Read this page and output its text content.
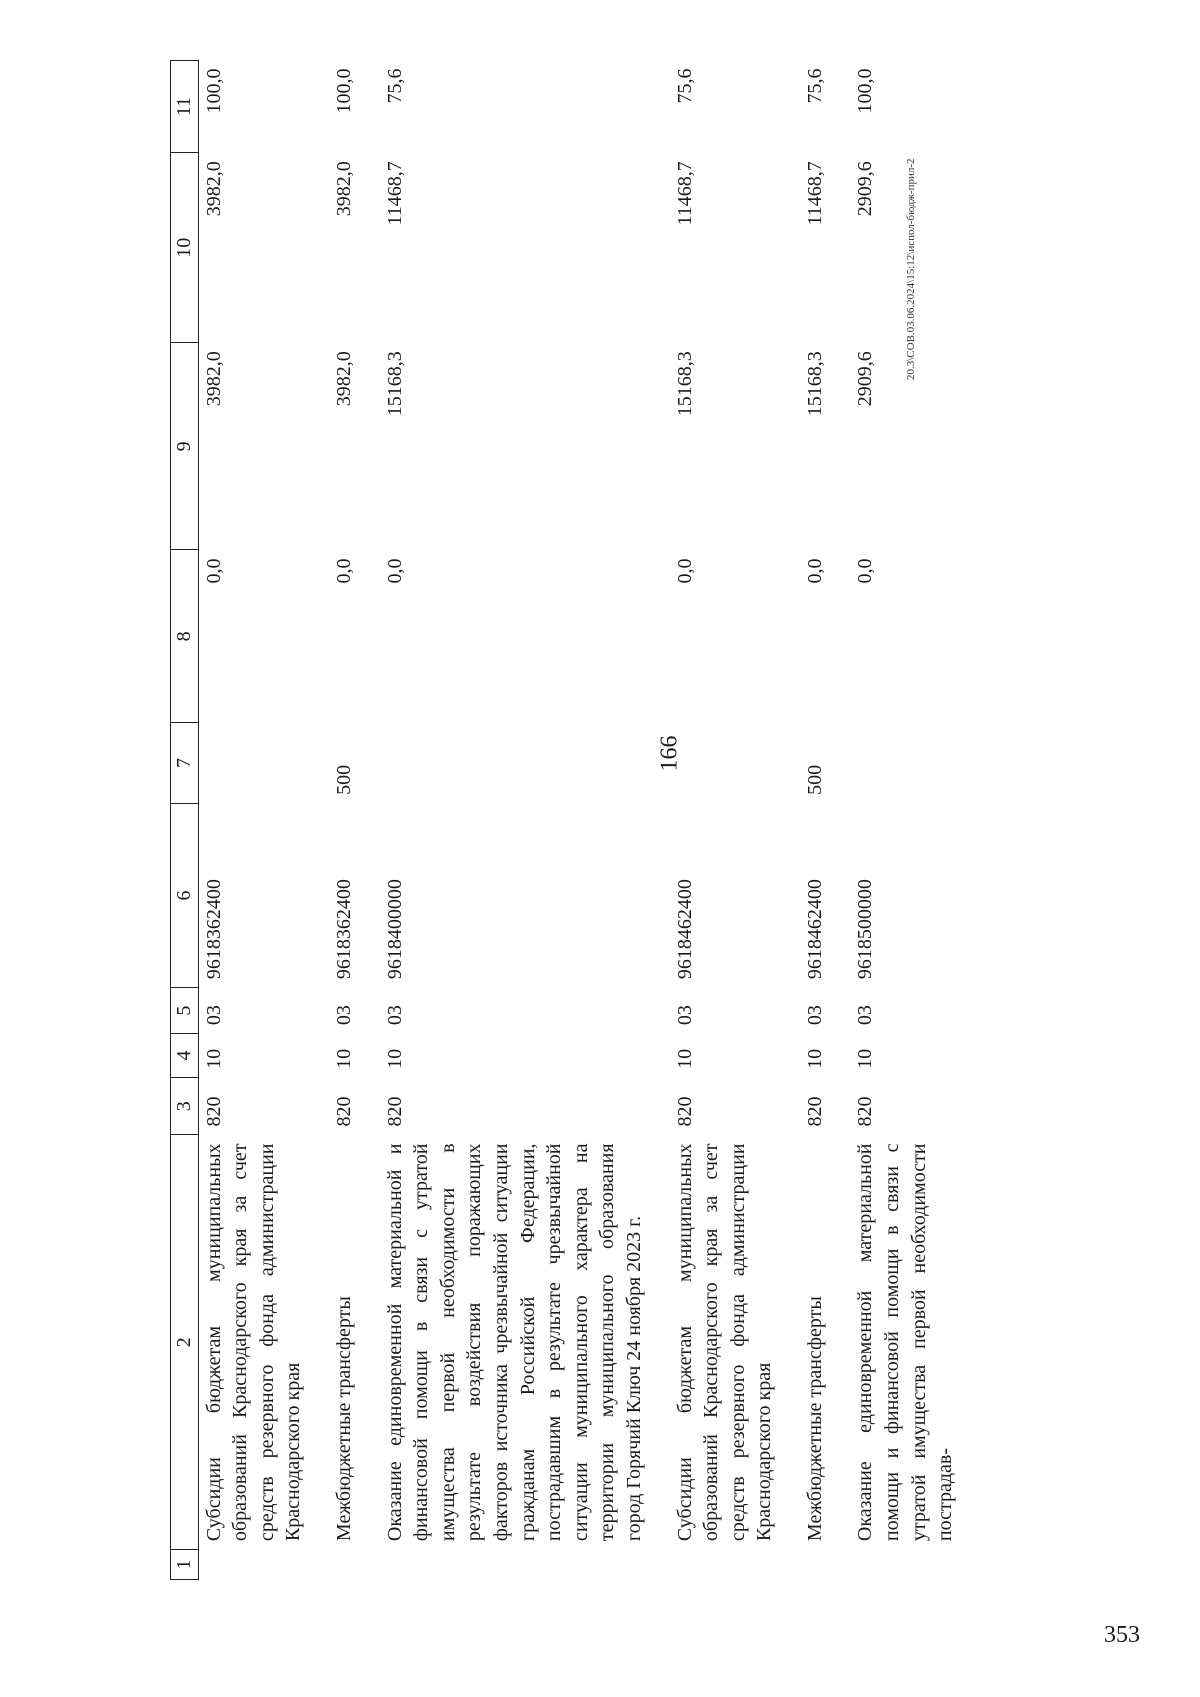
166
20.3\СОВ.03.06.2024\15:12\испол-бюдж-прил-2
1	2	3	4	5	6	7	8	9	10	11
	Субсидии бюджетам муниципальных образований Краснодарского края за счет средств резервного фонда администрации Краснодарского края	820	10	03	9618362400		0,0	3982,0	3982,0	100,0
	Межбюджетные трансферты	820	10	03	9618362400	500	0,0	3982,0	3982,0	100,0
	Оказание единовременной материальной и финансовой помощи в связи с утратой имущества первой необходимости в результате воздействия поражающих факторов источника чрезвычайной ситуации гражданам Российской Федерации, пострадавшим в результате чрезвычайной ситуации муниципального характера на территории муниципального образования город Горячий Ключ 24 ноября 2023 г.	820	10	03	9618400000		0,0	15168,3	11468,7	75,6
	Субсидии бюджетам муниципальных образований Краснодарского края за счет средств резервного фонда администрации Краснодарского края	820	10	03	9618462400		0,0	15168,3	11468,7	75,6
	Межбюджетные трансферты	820	10	03	9618462400	500	0,0	15168,3	11468,7	75,6
	Оказание единовременной материальной помощи и финансовой помощи в связи с утратой имущества первой необходимости пострадав-	820	10	03	9618500000		0,0	2909,6	2909,6	100,0
353
